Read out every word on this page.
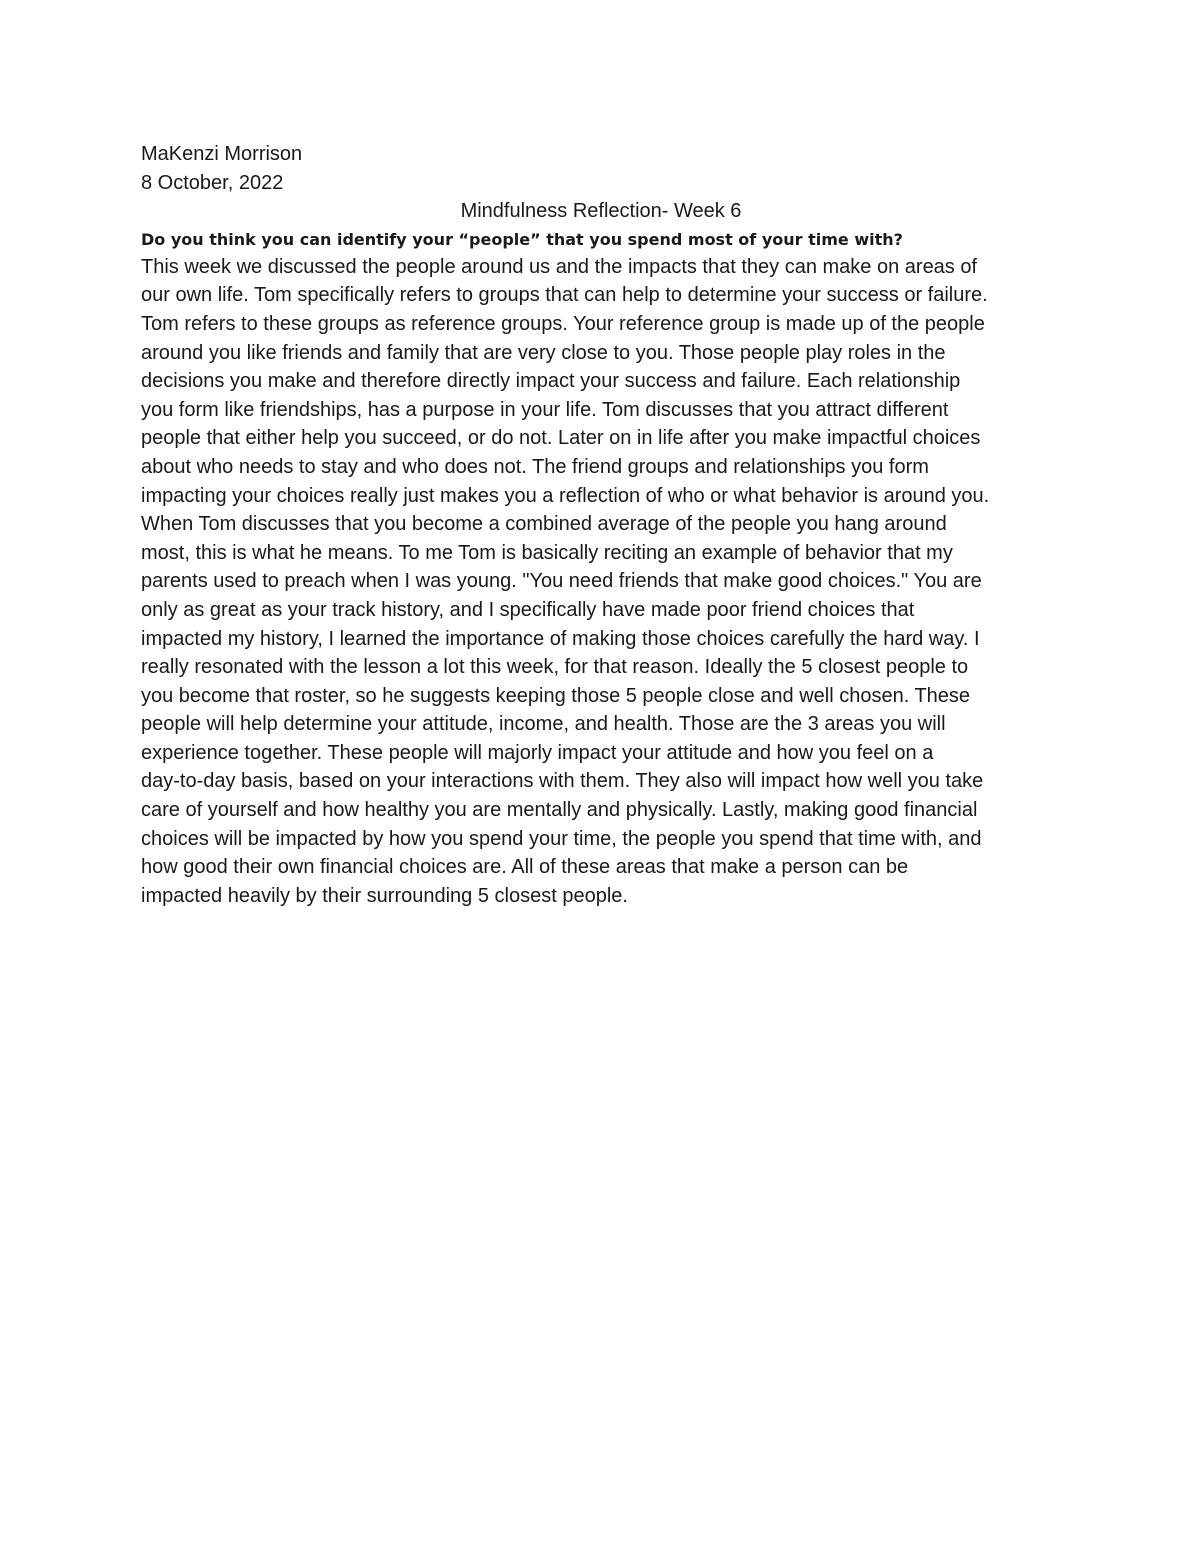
MaKenzi Morrison
8 October, 2022
Mindfulness Reflection- Week 6
Do you think you can identify your “people” that you spend most of your time with?
This week we discussed the people around us and the impacts that they can make on areas of
our own life. Tom specifically refers to groups that can help to determine your success or failure.
Tom refers to these groups as reference groups. Your reference group is made up of the people
around you like friends and family that are very close to you. Those people play roles in the
decisions you make and therefore directly impact your success and failure. Each relationship
you form like friendships, has a purpose in your life. Tom discusses that you attract different
people that either help you succeed, or do not. Later on in life after you make impactful choices
about who needs to stay and who does not. The friend groups and relationships you form
impacting your choices really just makes you a reflection of who or what behavior is around you.
When Tom discusses that you become a combined average of the people you hang around
most, this is what he means. To me Tom is basically reciting an example of behavior that my
parents used to preach when I was young. "You need friends that make good choices." You are
only as great as your track history, and I specifically have made poor friend choices that
impacted my history, I learned the importance of making those choices carefully the hard way. I
really resonated with the lesson a lot this week, for that reason. Ideally the 5 closest people to
you become that roster, so he suggests keeping those 5 people close and well chosen. These
people will help determine your attitude, income, and health. Those are the 3 areas you will
experience together. These people will majorly impact your attitude and how you feel on a
day-to-day basis, based on your interactions with them. They also will impact how well you take
care of yourself and how healthy you are mentally and physically. Lastly, making good financial
choices will be impacted by how you spend your time, the people you spend that time with, and
how good their own financial choices are. All of these areas that make a person can be
impacted heavily by their surrounding 5 closest people.
